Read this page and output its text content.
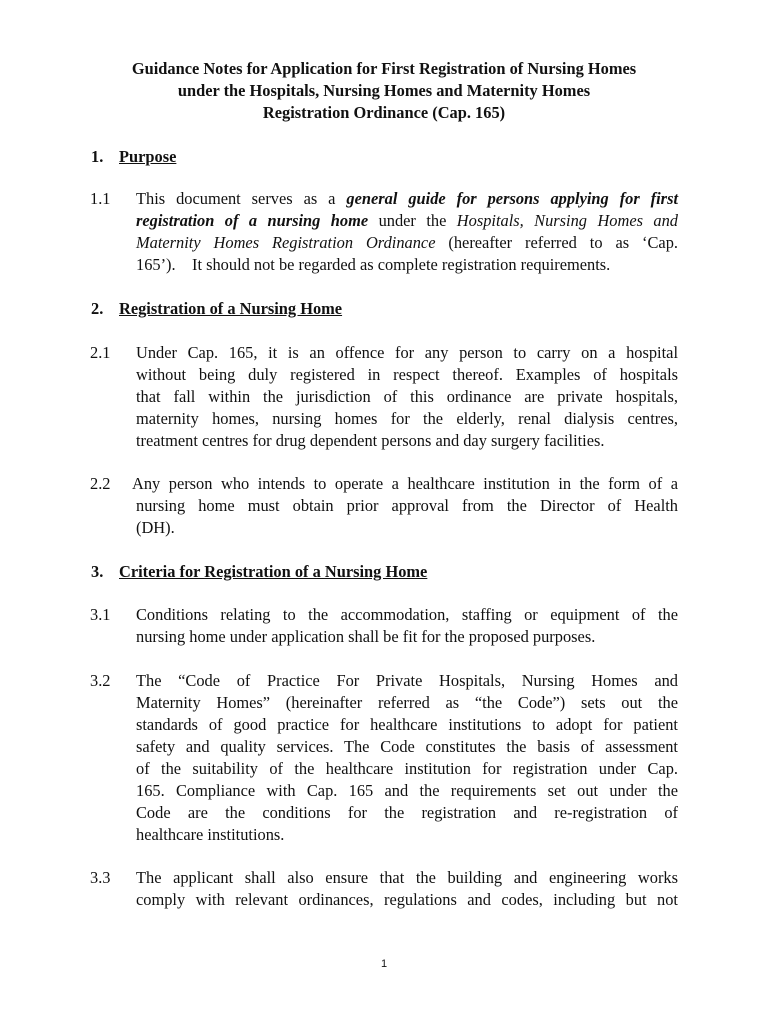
Guidance Notes for Application for First Registration of Nursing Homes
under the Hospitals, Nursing Homes and Maternity Homes
Registration Ordinance (Cap. 165)
1. Purpose
1.1 This document serves as a general guide for persons applying for first
registration of a nursing home under the Hospitals, Nursing Homes and
Maternity Homes Registration Ordinance (hereafter referred to as ‘Cap.
165’).    It should not be regarded as complete registration requirements.
2. Registration of a Nursing Home
2.1 Under Cap. 165, it is an offence for any person to carry on a hospital
without being duly registered in respect thereof. Examples of hospitals
that fall within the jurisdiction of this ordinance are private hospitals,
maternity homes, nursing homes for the elderly, renal dialysis centres,
treatment centres for drug dependent persons and day surgery facilities.
2.2 Any person who intends to operate a healthcare institution in the form of a
nursing home must obtain prior approval from the Director of Health
(DH).
3. Criteria for Registration of a Nursing Home
3.1 Conditions relating to the accommodation, staffing or equipment of the
nursing home under application shall be fit for the proposed purposes.
3.2 The “Code of Practice For Private Hospitals, Nursing Homes and
Maternity Homes” (hereinafter referred as “the Code”) sets out the
standards of good practice for healthcare institutions to adopt for patient
safety and quality services. The Code constitutes the basis of assessment
of the suitability of the healthcare institution for registration under Cap.
165. Compliance with Cap. 165 and the requirements set out under the
Code are the conditions for the registration and re-registration of
healthcare institutions.
3.3 The applicant shall also ensure that the building and engineering works
comply with relevant ordinances, regulations and codes, including but not
1
